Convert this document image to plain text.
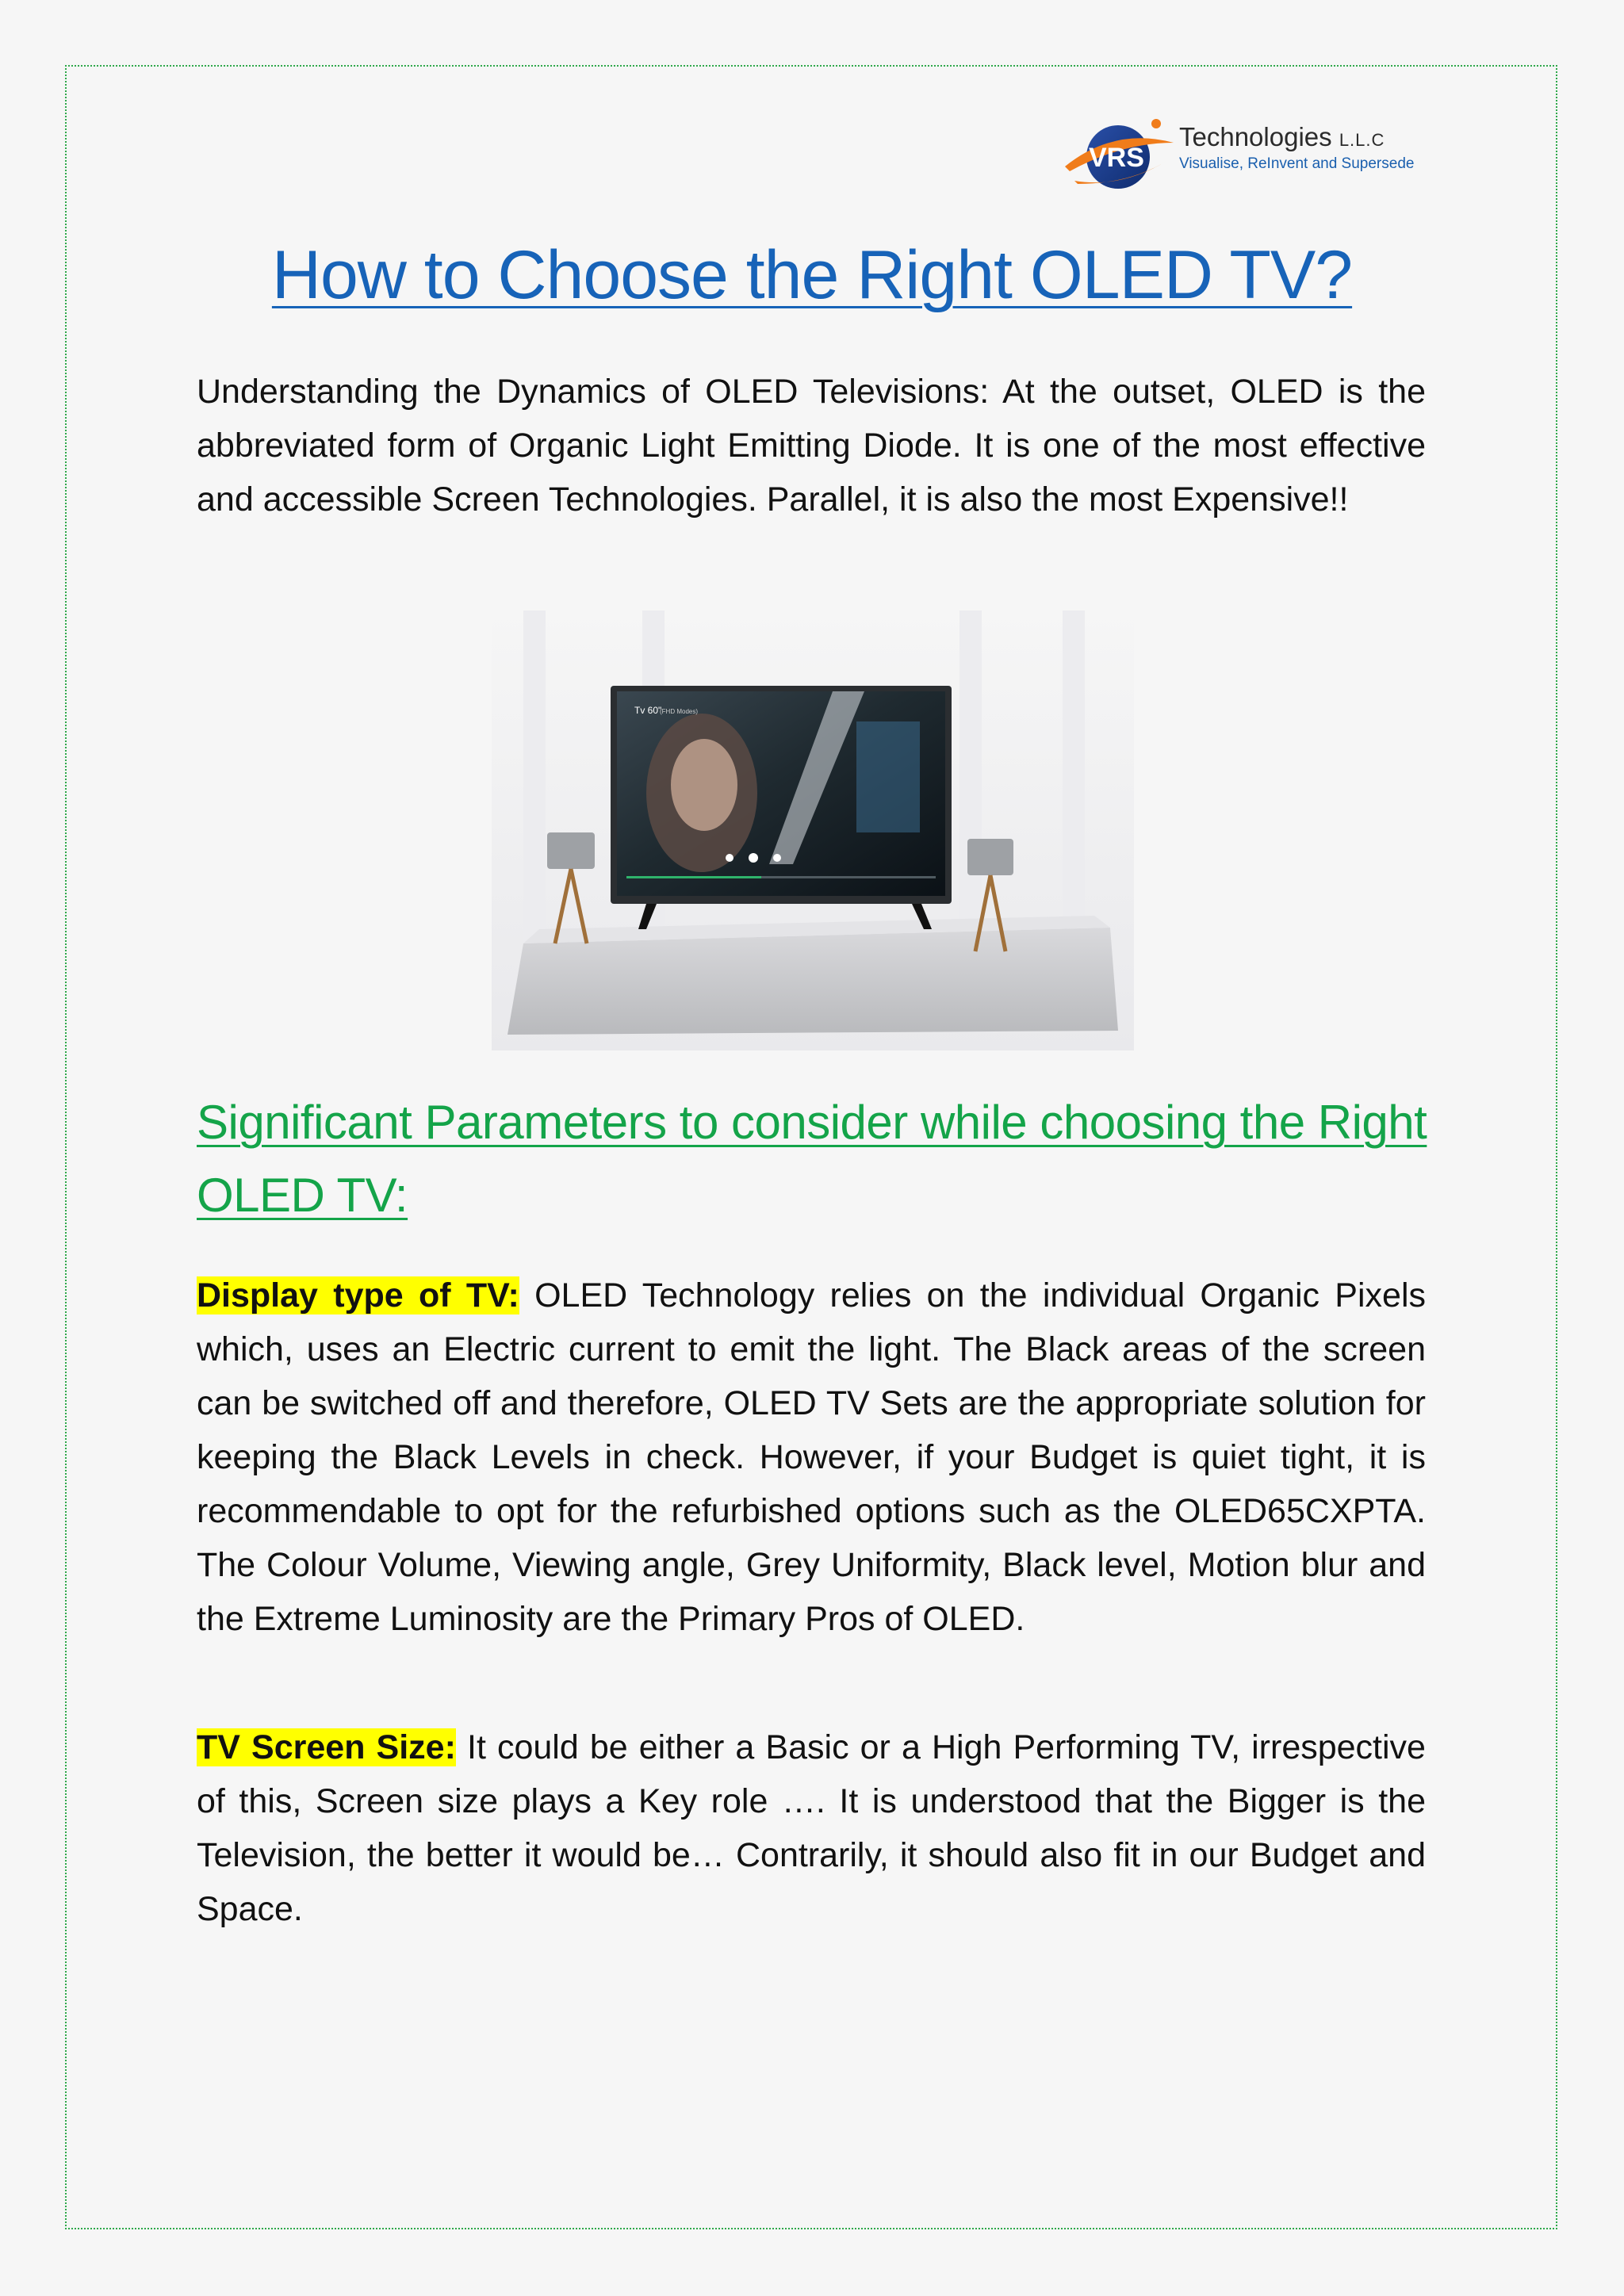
VRS
Technologies L.L.C
Visualise, ReInvent and Supersede
How to Choose the Right OLED TV?

Understanding the Dynamics of OLED Televisions: At the outset, OLED is the abbreviated form of Organic Light Emitting Diode. It is one of the most effective and accessible Screen Technologies. Parallel, it is also the most Expensive!!

Tv 60"
(FHD Modes)
Significant Parameters to consider while choosing the Right OLED TV:

Display type of TV: OLED Technology relies on the individual Organic Pixels which, uses an Electric current to emit the light. The Black areas of the screen can be switched off and therefore, OLED TV Sets are the appropriate solution for keeping the Black Levels in check. However, if your Budget is quiet tight, it is recommendable to opt for the refurbished options such as the OLED65CXPTA. The Colour Volume, Viewing angle, Grey Uniformity, Black level, Motion blur and the Extreme Luminosity are the Primary Pros of OLED.

TV Screen Size: It could be either a Basic or a High Performing TV, irrespective of this, Screen size plays a Key role …. It is understood that the Bigger is the Television, the better it would be… Contrarily, it should also fit in our Budget and Space.
